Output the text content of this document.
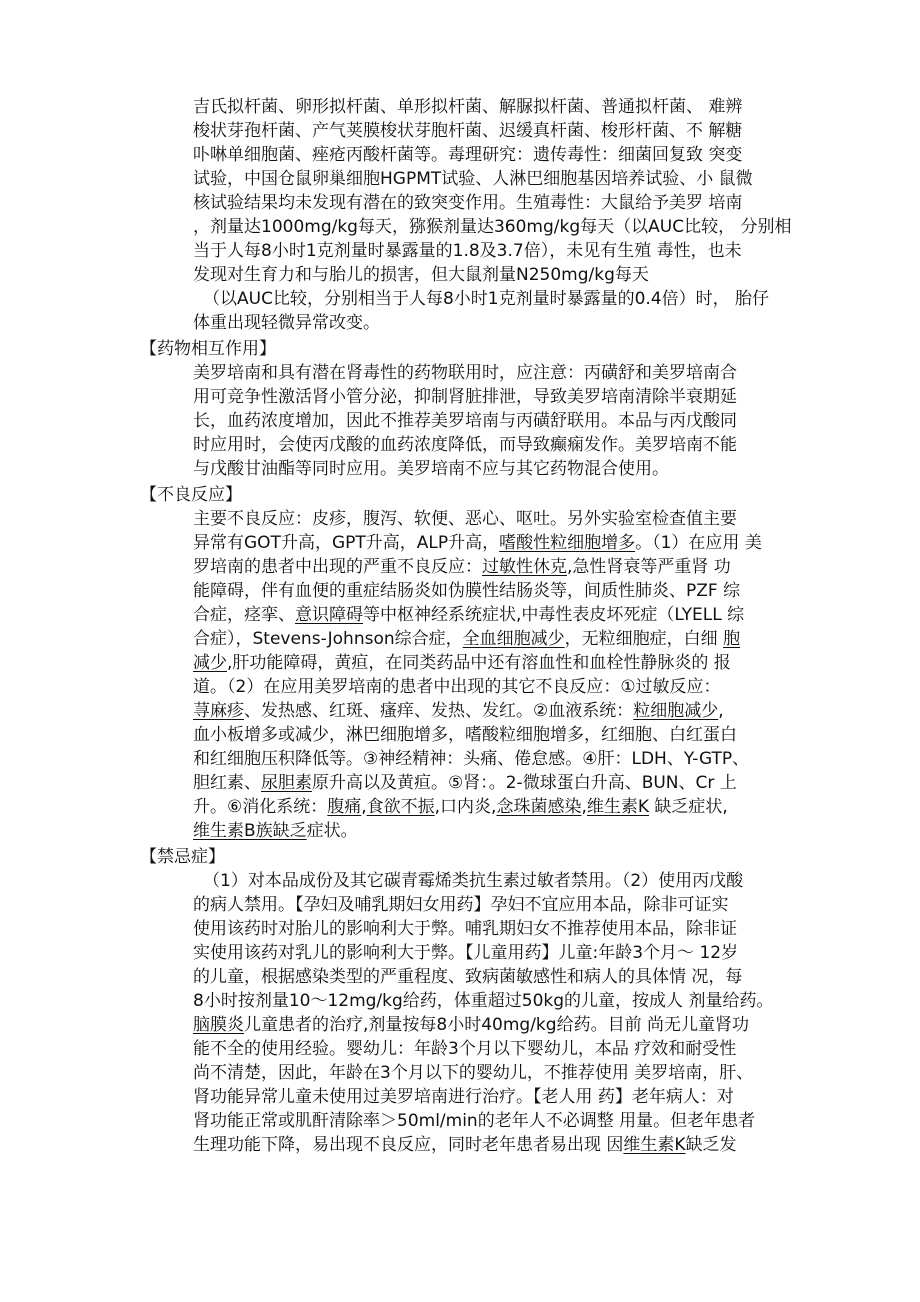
吉氏拟杆菌、卵形拟杆菌、单形拟杆菌、解脲拟杆菌、普通拟杆菌、 难辨
梭状芽孢杆菌、产气荚膜梭状芽胞杆菌、迟缓真杆菌、梭形杆菌、不 解糖
卟啉单细胞菌、痤疮丙酸杆菌等。毒理研究：遗传毒性：细菌回复致 突变
试验，中国仓鼠卵巢细胞HGPMT试验、人淋巴细胞基因培养试验、小 鼠微
核试验结果均未发现有潜在的致突变作用。生殖毒性：大鼠给予美罗 培南
，剂量达1000mg/kg每天，猕猴剂量达360mg/kg每天（以AUC比较， 分别相
当于人每8小时1克剂量时暴露量的1.8及3.7倍），未见有生殖 毒性，也未
发现对生育力和与胎儿的损害，但大鼠剂量N250mg/kg每天
（以AUC比较，分别相当于人每8小时1克剂量时暴露量的0.4倍）时， 胎仔
体重出现轻微异常改变。
【药物相互作用】
美罗培南和具有潜在肾毒性的药物联用时，应注意：丙磺舒和美罗培南合
用可竞争性激活肾小管分泌，抑制肾脏排泄，导致美罗培南清除半衰期延
长，血药浓度增加，因此不推荐美罗培南与丙磺舒联用。本品与丙戊酸同
时应用时，会使丙戊酸的血药浓度降低，而导致癫痫发作。美罗培南不能
与戊酸甘油酯等同时应用。美罗培南不应与其它药物混合使用。
【不良反应】
主要不良反应：皮疹，腹泻、软便、恶心、呕吐。另外实验室检查值主要
异常有GOT升高，GPT升高，ALP升高，嗜酸性粒细胞增多。（1）在应用 美
罗培南的患者中出现的严重不良反应：过敏性休克,急性肾衰等严重肾 功
能障碍，伴有血便的重症结肠炎如伪膜性结肠炎等，间质性肺炎、PZF 综
合症，痉挛、意识障碍等中枢神经系统症状,中毒性表皮坏死症（LYELL 综
合症），Stevens-Johnson综合症，全血细胞减少，无粒细胞症，白细 胞
减少,肝功能障碍，黄疸，在同类药品中还有溶血性和血栓性静脉炎的 报
道。（2）在应用美罗培南的患者中出现的其它不良反应：①过敏反应：
荨麻疹、发热感、红斑、瘙痒、发热、发红。②血液系统：粒细胞减少,
血小板增多或减少，淋巴细胞增多，嗜酸粒细胞增多，红细胞、白红蛋白
和红细胞压积降低等。③神经精神：头痛、倦怠感。④肝：LDH、Y-GTP、
胆红素、尿胆素原升高以及黄疸。⑤肾：。2-微球蛋白升高、BUN、Cr 上
升。⑥消化系统：腹痛,食欲不振,口内炎,念珠菌感染,维生素K 缺乏症状,
维生素B族缺乏症状。
【禁忌症】
（1）对本品成份及其它碳青霉烯类抗生素过敏者禁用。（2）使用丙戊酸
的病人禁用。【孕妇及哺乳期妇女用药】孕妇不宜应用本品，除非可证实
使用该药时对胎儿的影响利大于弊。哺乳期妇女不推荐使用本品，除非证
实使用该药对乳儿的影响利大于弊。【儿童用药】儿童:年龄3个月～ 12岁
的儿童，根据感染类型的严重程度、致病菌敏感性和病人的具体情 况，每
8小时按剂量10～12mg/kg给药，体重超过50kg的儿童，按成人 剂量给药。
脑膜炎儿童患者的治疗,剂量按每8小时40mg/kg给药。目前 尚无儿童肾功
能不全的使用经验。婴幼儿：年龄3个月以下婴幼儿，本品 疗效和耐受性
尚不清楚，因此，年龄在3个月以下的婴幼儿，不推荐使用 美罗培南，肝、
肾功能异常儿童未使用过美罗培南进行治疗。【老人用 药】老年病人：对
肾功能正常或肌酐清除率＞50ml/min的老年人不必调整 用量。但老年患者
生理功能下降，易出现不良反应，同时老年患者易出现 因维生素K缺乏发
